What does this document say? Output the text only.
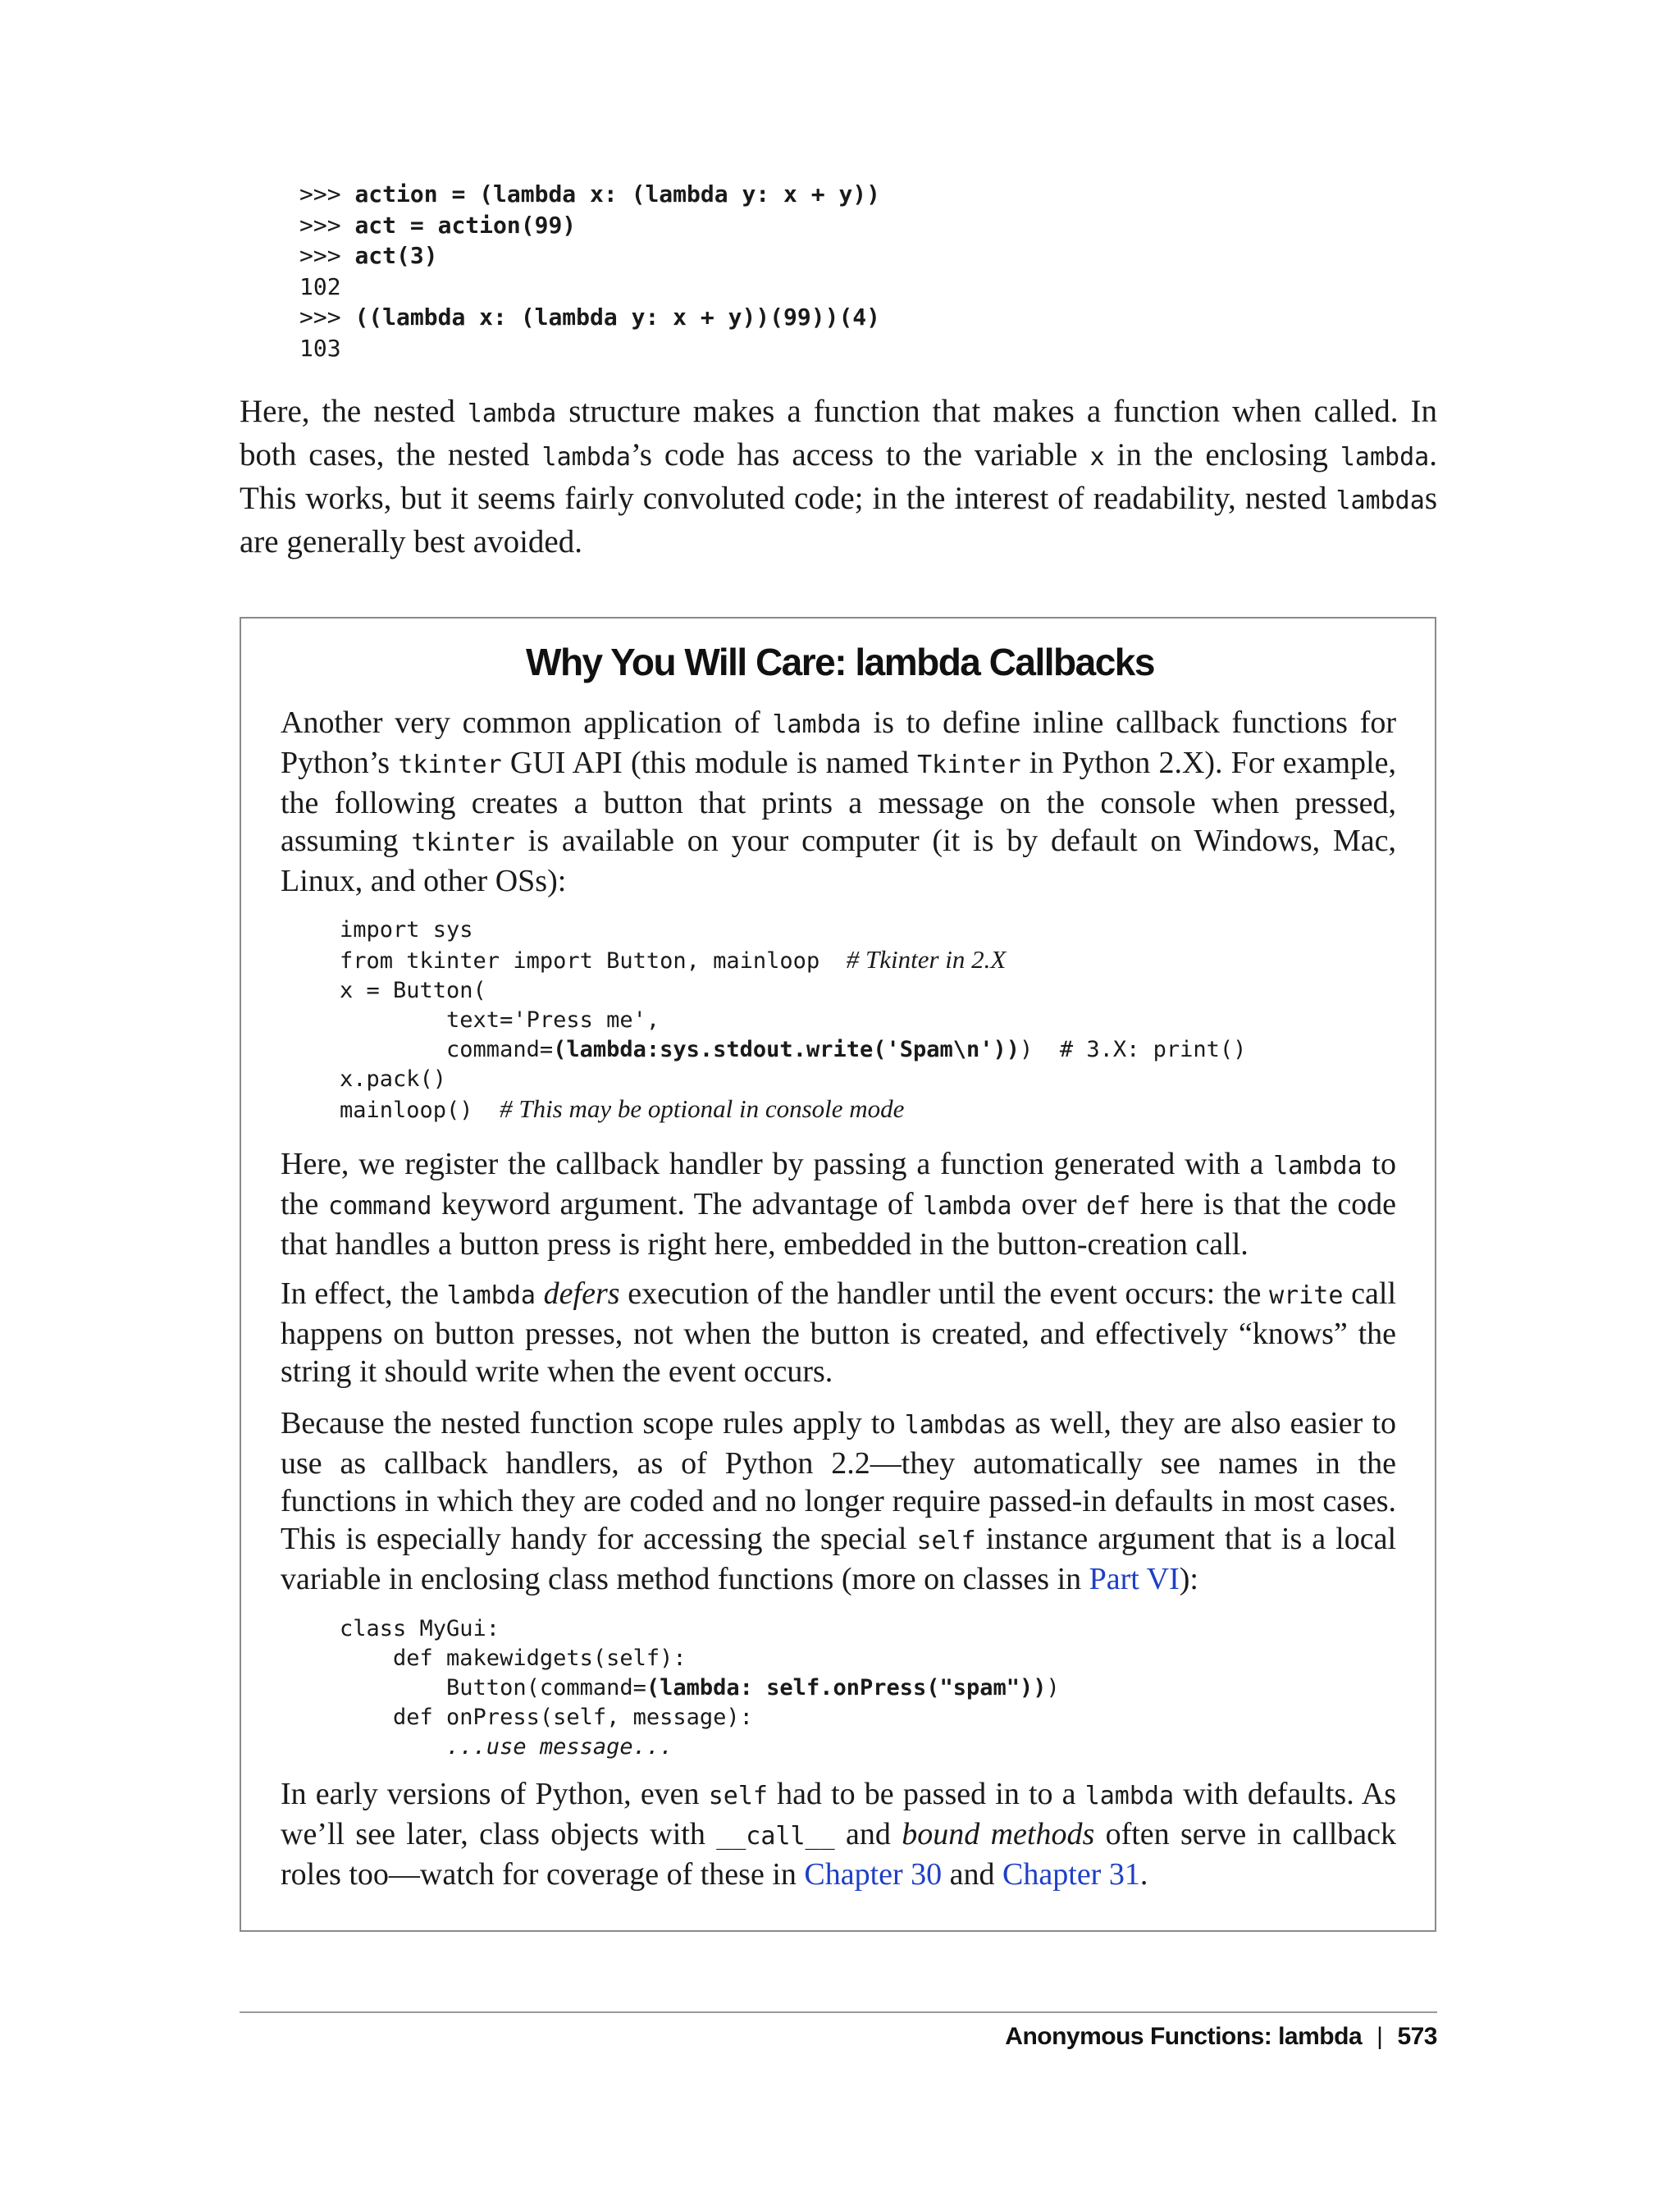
>>> action = (lambda x: (lambda y: x + y))
>>> act = action(99)
>>> act(3)
102
>>> ((lambda x: (lambda y: x + y))(99))(4)
103

Here, the nested lambda structure makes a function that makes a function when called. In both cases, the nested lambda’s code has access to the variable x in the enclosing lambda. This works, but it seems fairly convoluted code; in the interest of readability, nested lambdas are generally best avoided.

Why You Will Care: lambda Callbacks

Another very common application of lambda is to define inline callback functions for Python’s tkinter GUI API (this module is named Tkinter in Python 2.X). For example, the following creates a button that prints a message on the console when pressed, assuming tkinter is available on your computer (it is by default on Windows, Mac, Linux, and other OSs):

import sys
from tkinter import Button, mainloop  # Tkinter in 2.X
x = Button(
text='Press me',
command=(lambda:sys.stdout.write('Spam\n')))  # 3.X: print()
x.pack()
mainloop()  # This may be optional in console mode

Here, we register the callback handler by passing a function generated with a lambda to the command keyword argument. The advantage of lambda over def here is that the code that handles a button press is right here, embedded in the button-creation call.

In effect, the lambda defers execution of the handler until the event occurs: the write call happens on button presses, not when the button is created, and effectively “knows” the string it should write when the event occurs.

Because the nested function scope rules apply to lambdas as well, they are also easier to use as callback handlers, as of Python 2.2—they automatically see names in the functions in which they are coded and no longer require passed-in defaults in most cases. This is especially handy for accessing the special self instance argument that is a local variable in enclosing class method functions (more on classes in Part VI):

class MyGui:
def makewidgets(self):
Button(command=(lambda: self.onPress("spam")))
def onPress(self, message):
...use message...

In early versions of Python, even self had to be passed in to a lambda with defaults. As we’ll see later, class objects with __call__ and bound methods often serve in callback roles too—watch for coverage of these in Chapter 30 and Chapter 31.

Anonymous Functions: lambda | 573
